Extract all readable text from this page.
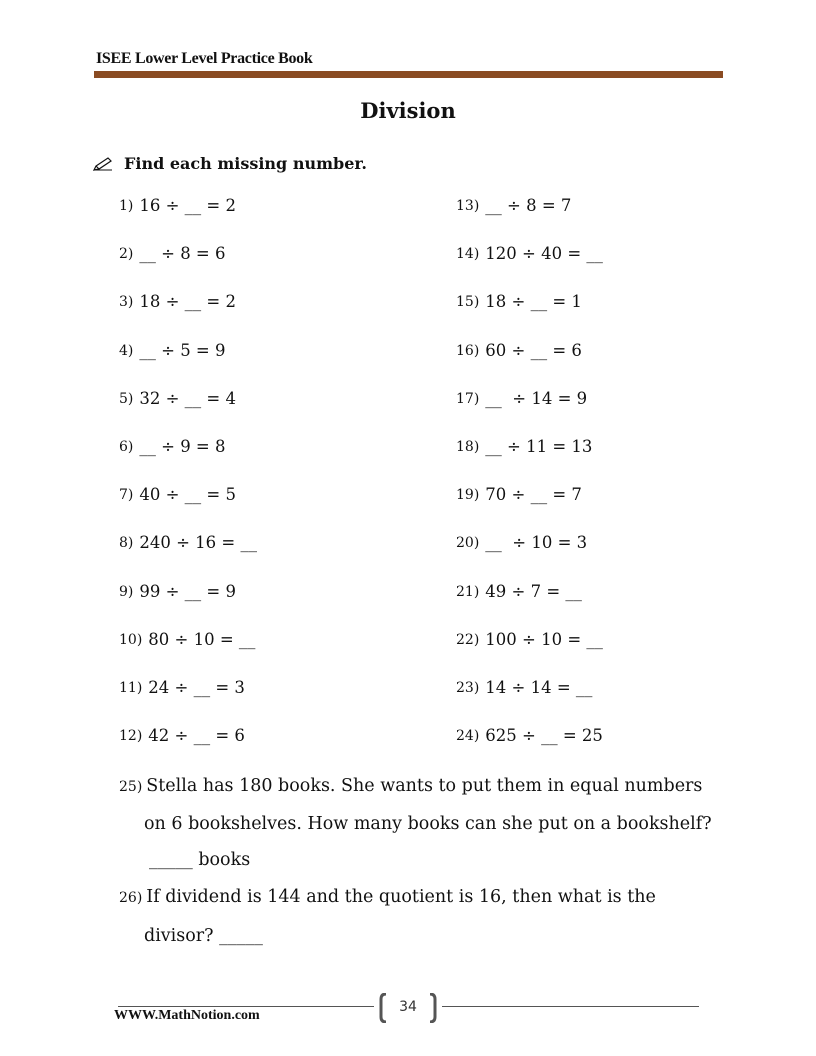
ISEE Lower Level Practice Book
Division
Find each missing number.
1) 16 ÷ __ = 2
2) __ ÷ 8 = 6
3) 18 ÷ __ = 2
4) __ ÷ 5 = 9
5) 32 ÷ __ = 4
6) __ ÷ 9 = 8
7) 40 ÷ __ = 5
8) 240 ÷ 16 = __
9) 99 ÷ __ = 9
10) 80 ÷ 10 = __
11) 24 ÷ __ = 3
12) 42 ÷ __ = 6
13) __ ÷ 8 = 7
14) 120 ÷ 40 = __
15) 18 ÷ __ = 1
16) 60 ÷ __ = 6
17) __  ÷ 14 = 9
18) __ ÷ 11 = 13
19) 70 ÷ __ = 7
20) __  ÷ 10 = 3
21) 49 ÷ 7 = __
22) 100 ÷ 10 = __
23) 14 ÷ 14 = __
24) 625 ÷ __ = 25
25) Stella has 180 books. She wants to put them in equal numbers
on 6 bookshelves. How many books can she put on a bookshelf?
_____ books
26) If dividend is 144 and the quotient is 16, then what is the
divisor? _____
34
WWW.MathNotion.com
